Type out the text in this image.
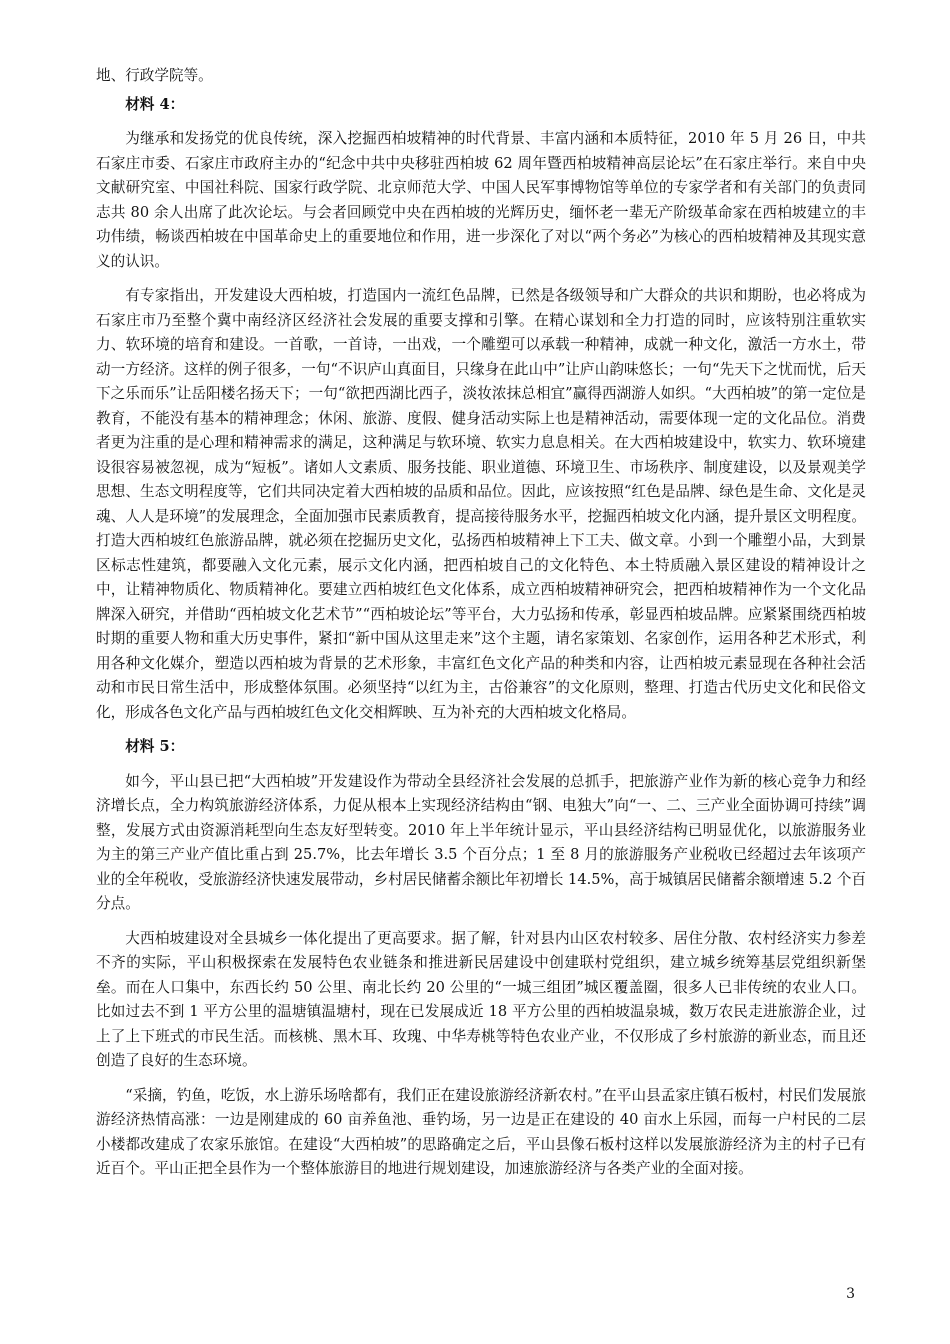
地、行政学院等。

材料 4：

为继承和发扬党的优良传统，深入挖掘西柏坡精神的时代背景、丰富内涵和本质特征，2010 年 5 月 26 日，中共石家庄市委、石家庄市政府主办的“纪念中共中央移驻西柏坡 62 周年暨西柏坡精神高层论坛”在石家庄举行。来自中央文献研究室、中国社科院、国家行政学院、北京师范大学、中国人民军事博物馆等单位的专家学者和有关部门的负责同志共 80 余人出席了此次论坛。与会者回顾党中央在西柏坡的光辉历史，缅怀老一辈无产阶级革命家在西柏坡建立的丰功伟绩，畅谈西柏坡在中国革命史上的重要地位和作用，进一步深化了对以“两个务必”为核心的西柏坡精神及其现实意义的认识。

有专家指出，开发建设大西柏坡，打造国内一流红色品牌，已然是各级领导和广大群众的共识和期盼，也必将成为石家庄市乃至整个冀中南经济区经济社会发展的重要支撑和引擎。在精心谋划和全力打造的同时，应该特别注重软实力、软环境的培育和建设。一首歌，一首诗，一出戏，一个雕塑可以承载一种精神，成就一种文化，激活一方水土，带动一方经济。这样的例子很多，一句“不识庐山真面目，只缘身在此山中”让庐山韵味悠长；一句“先天下之忧而忧，后天下之乐而乐”让岳阳楼名扬天下；一句“欲把西湖比西子，淡妆浓抹总相宜”赢得西湖游人如织。“大西柏坡”的第一定位是教育，不能没有基本的精神理念；休闲、旅游、度假、健身活动实际上也是精神活动，需要体现一定的文化品位。消费者更为注重的是心理和精神需求的满足，这种满足与软环境、软实力息息相关。在大西柏坡建设中，软实力、软环境建设很容易被忽视，成为“短板”。诸如人文素质、服务技能、职业道德、环境卫生、市场秩序、制度建设，以及景观美学思想、生态文明程度等，它们共同决定着大西柏坡的品质和品位。因此，应该按照“红色是品牌、绿色是生命、文化是灵魂、人人是环境”的发展理念，全面加强市民素质教育，提高接待服务水平，挖掘西柏坡文化内涵，提升景区文明程度。打造大西柏坡红色旅游品牌，就必须在挖掘历史文化，弘扬西柏坡精神上下工夫、做文章。小到一个雕塑小品，大到景区标志性建筑，都要融入文化元素，展示文化内涵，把西柏坡自己的文化特色、本土特质融入景区建设的精神设计之中，让精神物质化、物质精神化。要建立西柏坡红色文化体系，成立西柏坡精神研究会，把西柏坡精神作为一个文化品牌深入研究，并借助“西柏坡文化艺术节”“西柏坡论坛”等平台，大力弘扬和传承，彰显西柏坡品牌。应紧紧围绕西柏坡时期的重要人物和重大历史事件，紧扣“新中国从这里走来”这个主题，请名家策划、名家创作，运用各种艺术形式，利用各种文化媒介，塑造以西柏坡为背景的艺术形象，丰富红色文化产品的种类和内容，让西柏坡元素显现在各种社会活动和市民日常生活中，形成整体氛围。必须坚持“以红为主，古俗兼容”的文化原则，整理、打造古代历史文化和民俗文化，形成各色文化产品与西柏坡红色文化交相辉映、互为补充的大西柏坡文化格局。

材料 5：

如今，平山县已把“大西柏坡”开发建设作为带动全县经济社会发展的总抓手，把旅游产业作为新的核心竞争力和经济增长点，全力构筑旅游经济体系，力促从根本上实现经济结构由“钢、电独大”向“一、二、三产业全面协调可持续”调整，发展方式由资源消耗型向生态友好型转变。2010 年上半年统计显示，平山县经济结构已明显优化，以旅游服务业为主的第三产业产值比重占到 25.7%，比去年增长 3.5 个百分点；1 至 8 月的旅游服务产业税收已经超过去年该项产业的全年税收，受旅游经济快速发展带动，乡村居民储蓄余额比年初增长 14.5%，高于城镇居民储蓄余额增速 5.2 个百分点。

大西柏坡建设对全县城乡一体化提出了更高要求。据了解，针对县内山区农村较多、居住分散、农村经济实力参差不齐的实际，平山积极探索在发展特色农业链条和推进新民居建设中创建联村党组织，建立城乡统筹基层党组织新堡垒。而在人口集中，东西长约 50 公里、南北长约 20 公里的“一城三组团”城区覆盖圈，很多人已非传统的农业人口。比如过去不到 1 平方公里的温塘镇温塘村，现在已发展成近 18 平方公里的西柏坡温泉城，数万农民走进旅游企业，过上了上下班式的市民生活。而核桃、黑木耳、玫瑰、中华寿桃等特色农业产业，不仅形成了乡村旅游的新业态，而且还创造了良好的生态环境。

“采摘，钓鱼，吃饭，水上游乐场啥都有，我们正在建设旅游经济新农村。”在平山县孟家庄镇石板村，村民们发展旅游经济热情高涨：一边是刚建成的 60 亩养鱼池、垂钓场，另一边是正在建设的 40 亩水上乐园，而每一户村民的二层小楼都改建成了农家乐旅馆。在建设“大西柏坡”的思路确定之后，平山县像石板村这样以发展旅游经济为主的村子已有近百个。平山正把全县作为一个整体旅游目的地进行规划建设，加速旅游经济与各类产业的全面对接。

3
